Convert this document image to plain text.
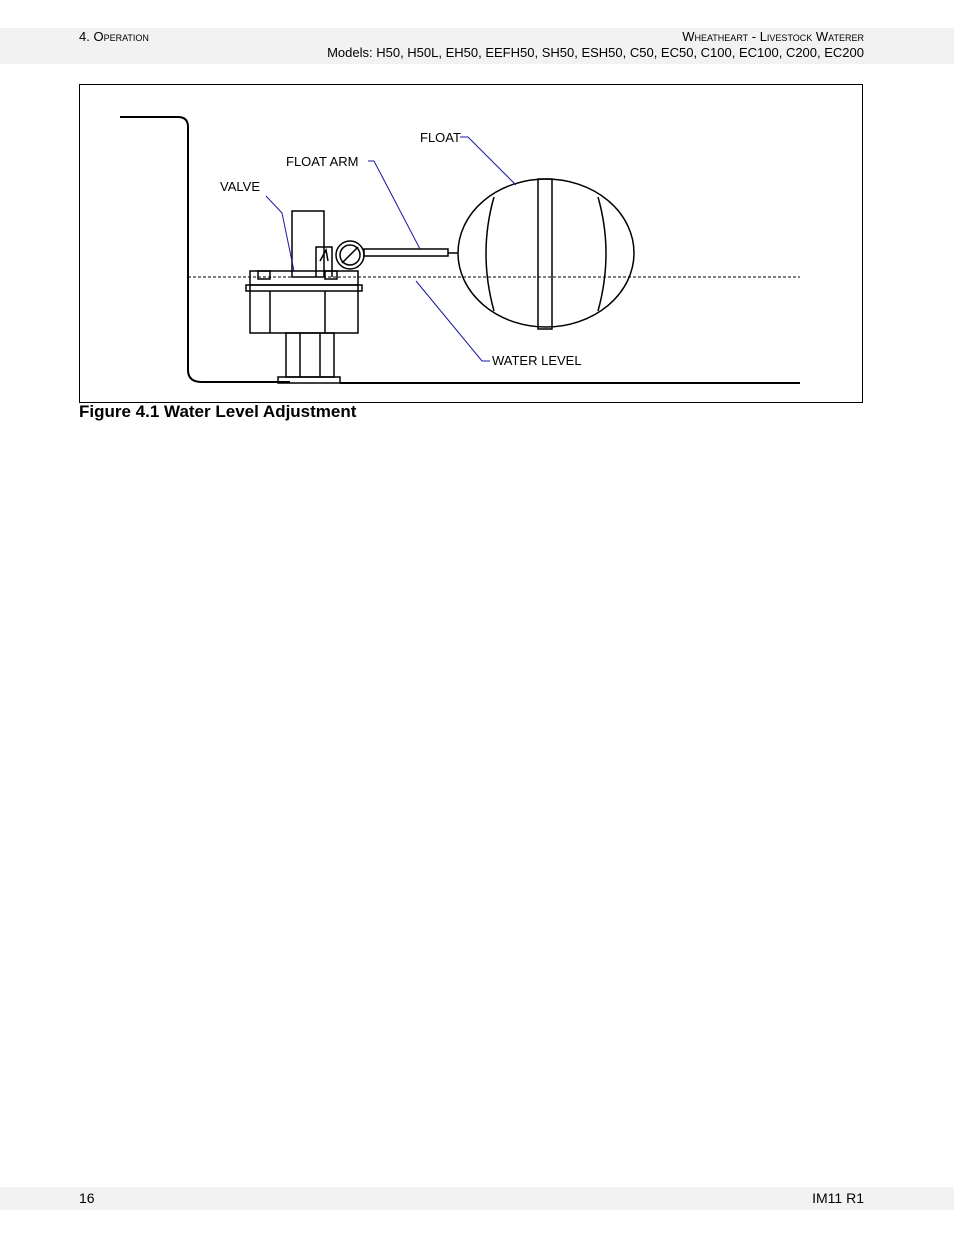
4. Operation	Wheatheart - Livestock Waterer
Models: H50, H50L, EH50, EEFH50, SH50, ESH50, C50, EC50, C100, EC100, C200, EC200
FLOAT
FLOAT ARM
VALVE
WATER LEVEL
Figure 4.1 Water Level Adjustment
16	IM11 R1
